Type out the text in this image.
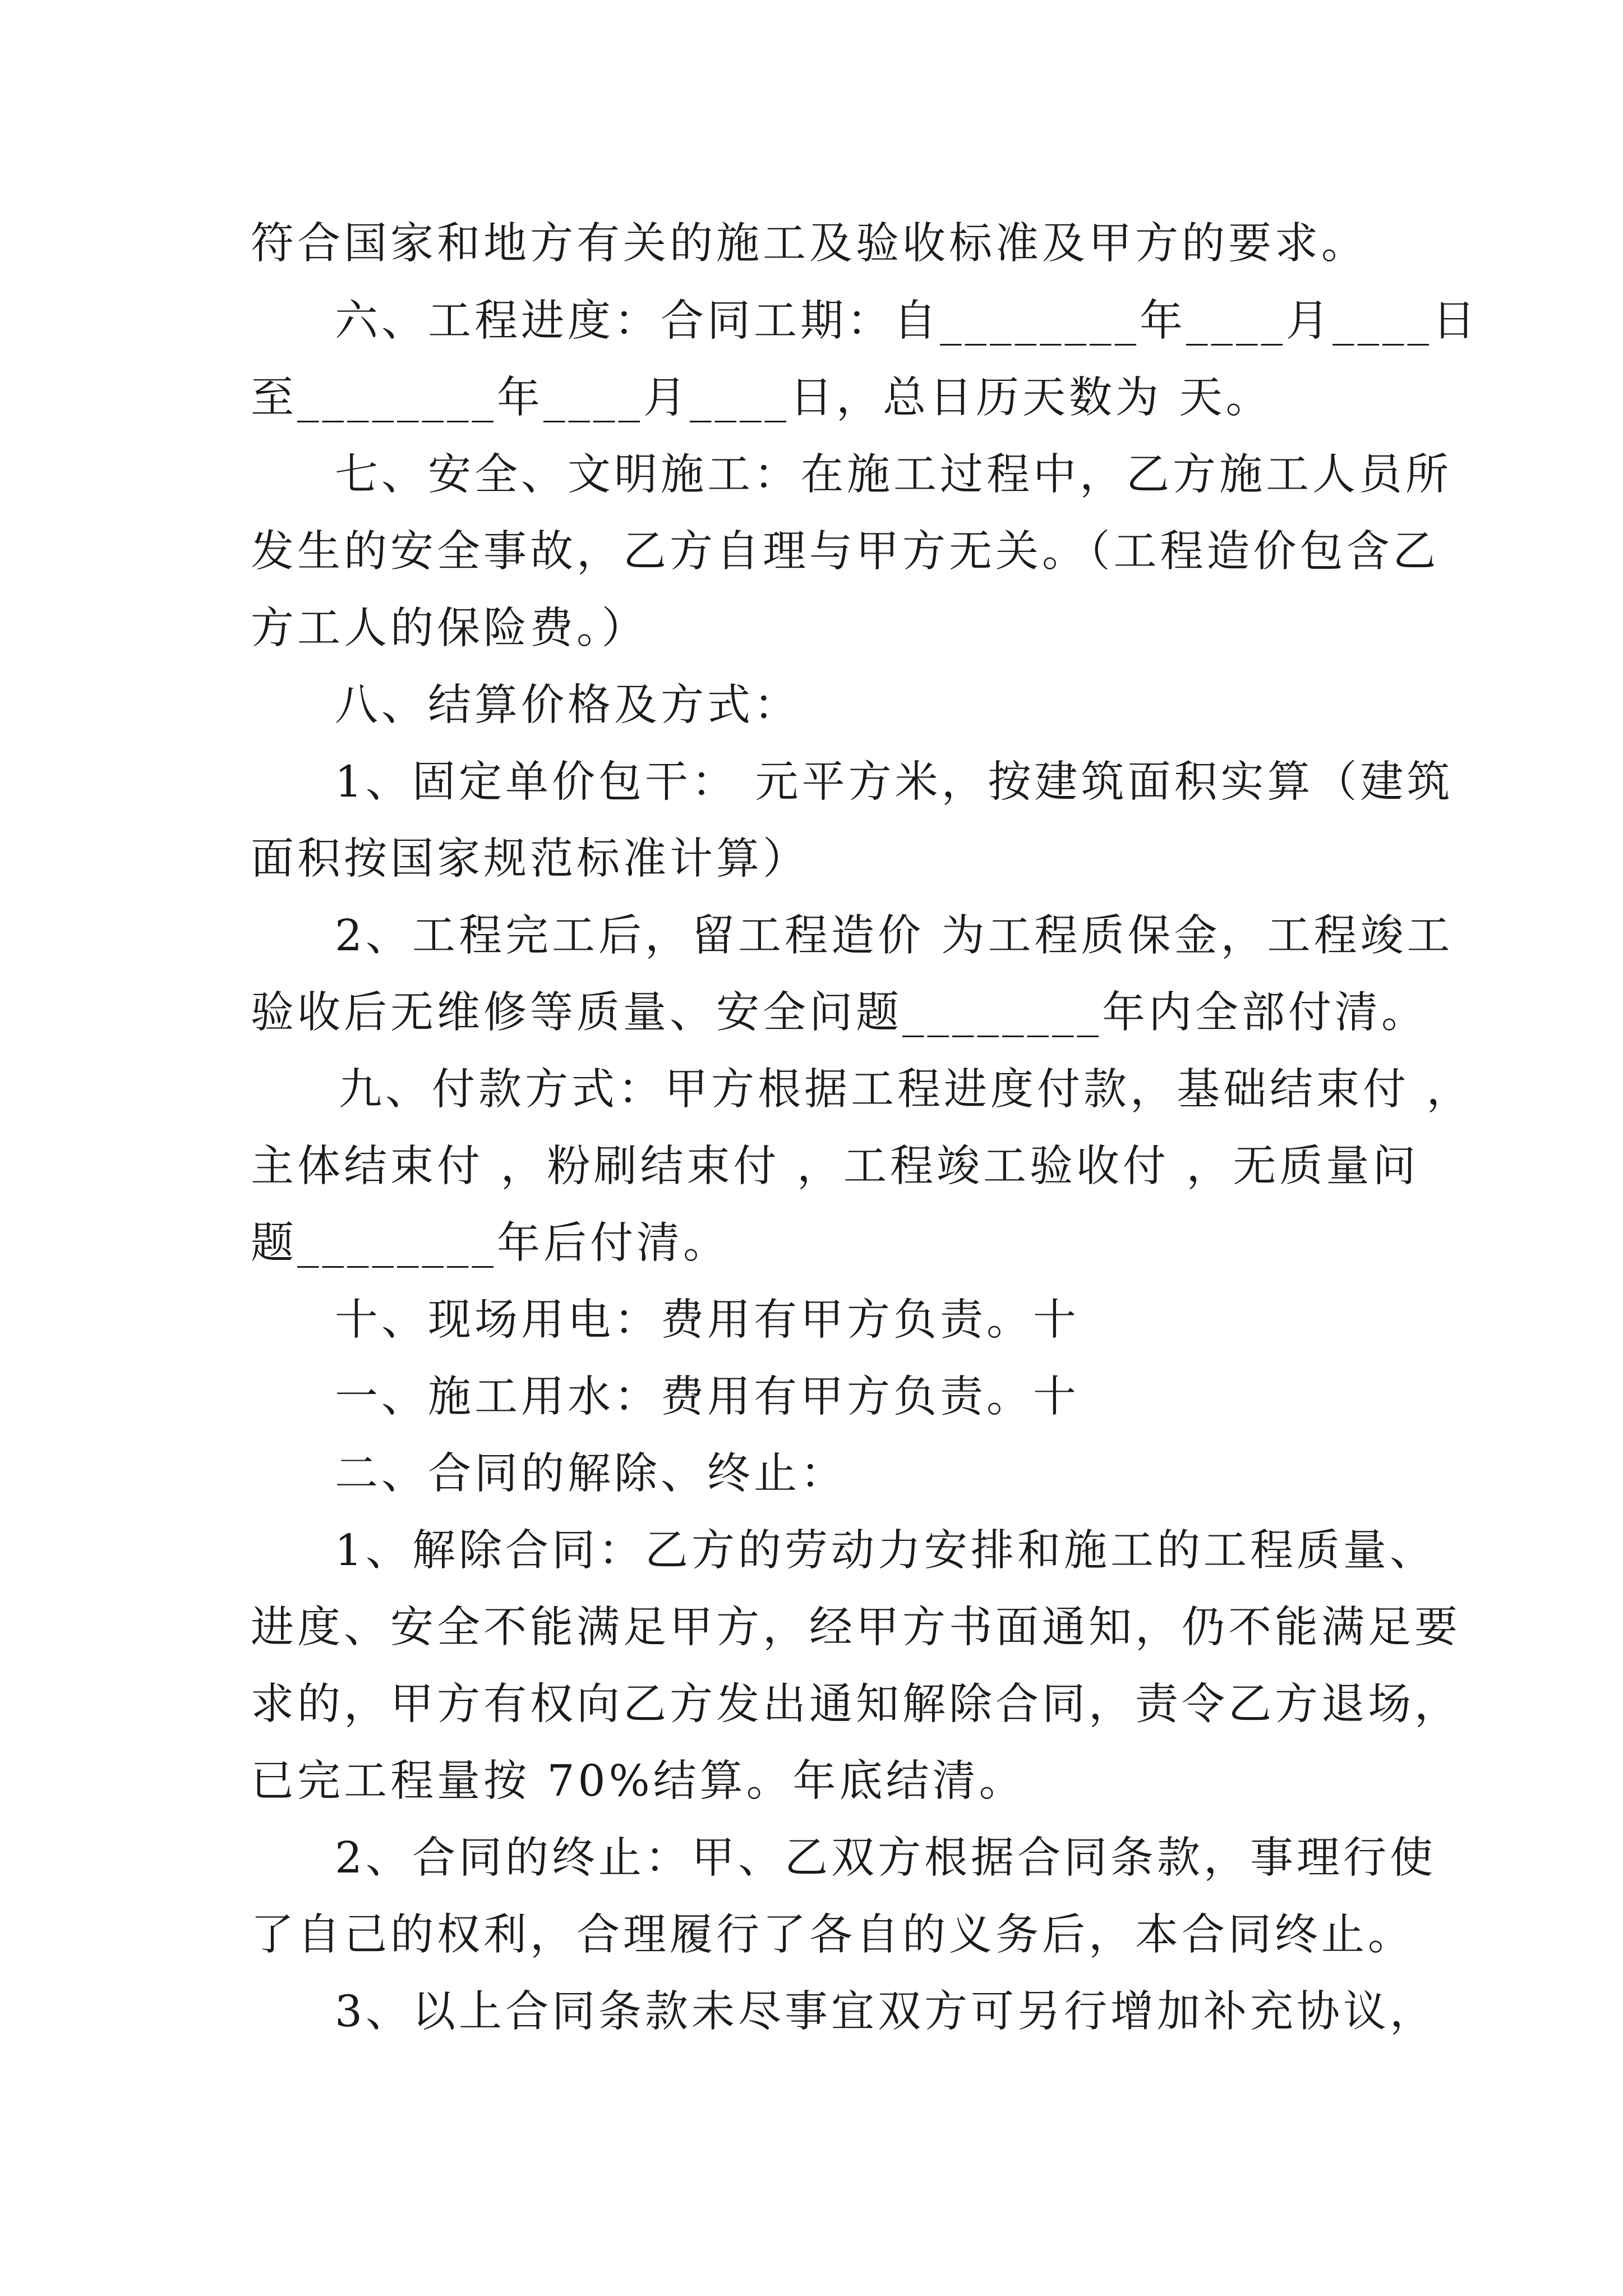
符合国家和地方有关的施工及验收标准及甲方的要求。
六、工程进度：合同工期：自________年____月____日
至________年____月____日，总日历天数为 天。
七、安全、文明施工：在施工过程中，乙方施工人员所
发生的安全事故，乙方自理与甲方无关。（工程造价包含乙
方工人的保险费。）
八、结算价格及方式：
1、固定单价包干： 元平方米，按建筑面积实算（建筑
面积按国家规范标准计算）
2、工程完工后，留工程造价 为工程质保金，工程竣工
验收后无维修等质量、安全问题________年内全部付清。
九、付款方式：甲方根据工程进度付款，基础结束付 ，
主体结束付 ，粉刷结束付 ，工程竣工验收付 ，无质量问
题________年后付清。
十、现场用电：费用有甲方负责。十
一、施工用水：费用有甲方负责。十
二、合同的解除、终止：
1、解除合同：乙方的劳动力安排和施工的工程质量、
进度、安全不能满足甲方，经甲方书面通知，仍不能满足要
求的，甲方有权向乙方发出通知解除合同，责令乙方退场，
已完工程量按 70%结算。年底结清。
2、合同的终止：甲、乙双方根据合同条款，事理行使
了自己的权利，合理履行了各自的义务后，本合同终止。
3、以上合同条款未尽事宜双方可另行增加补充协议，
